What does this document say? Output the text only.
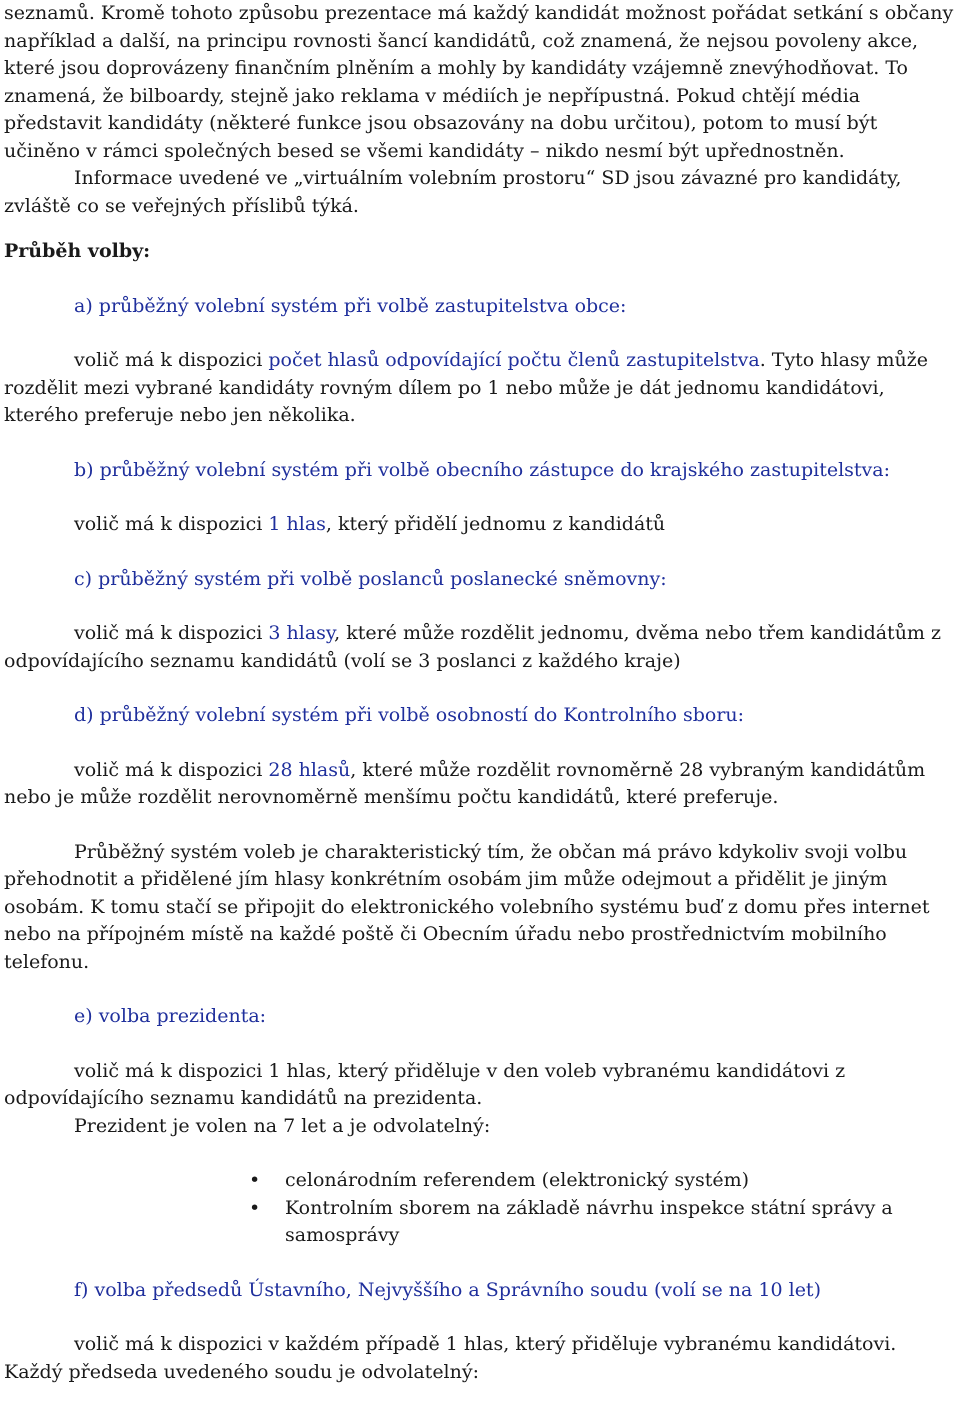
seznamů. Kromě tohoto způsobu prezentace má každý kandidát možnost pořádat setkání s občany například a další, na principu rovnosti šancí kandidátů, což znamená, že nejsou povoleny akce, které jsou doprovázeny finančním plněním a mohly by kandidáty vzájemně znevýhodňovat. To znamená, že bilboardy, stejně jako reklama v médiích je nepřípustná. Pokud chtějí média představit kandidáty (některé funkce jsou obsazovány na dobu určitou), potom to musí být učiněno v rámci společných besed se všemi kandidáty – nikdo nesmí být upřednostněn.

Informace uvedené ve „virtuálním volebním prostoru“ SD jsou závazné pro kandidáty, zvláště co se veřejných příslibů týká.

Průběh volby:

a) průběžný volební systém při volbě zastupitelstva obce:

volič má k dispozici počet hlasů odpovídající počtu členů zastupitelstva. Tyto hlasy může rozdělit mezi vybrané kandidáty rovným dílem po 1 nebo může je dát jednomu kandidátovi, kterého preferuje nebo jen několika.

b) průběžný volební systém při volbě obecního zástupce do krajského zastupitelstva:

volič má k dispozici 1 hlas, který přidělí jednomu z kandidátů

c) průběžný systém při volbě poslanců poslanecké sněmovny:

volič má k dispozici 3 hlasy, které může rozdělit jednomu, dvěma nebo třem kandidátům z odpovídajícího seznamu kandidátů (volí se 3 poslanci z každého kraje)

d) průběžný volební systém při volbě osobností do Kontrolního sboru:

volič má k dispozici 28 hlasů, které může rozdělit rovnoměrně 28 vybraným kandidátům nebo je může rozdělit nerovnoměrně menšímu počtu kandidátů, které preferuje.

Průběžný systém voleb je charakteristický tím, že občan má právo kdykoliv svoji volbu přehodnotit a přidělené jím hlasy konkrétním osobám jim může odejmout a přidělit je jiným osobám. K tomu stačí se připojit do elektronického volebního systému buď z domu přes internet nebo na přípojném místě na každé poště či Obecním úřadu nebo prostřednictvím mobilního telefonu.

e) volba prezidenta:

volič má k dispozici 1 hlas, který přiděluje v den voleb vybranému kandidátovi z odpovídajícího seznamu kandidátů na prezidenta.

Prezident je volen na 7 let a je odvolatelný:

• celonárodním referendem (elektronický systém)
• Kontrolním sborem na základě návrhu inspekce státní správy a samosprávy

f) volba předsedů Ústavního, Nejvyššího a Správního soudu (volí se na 10 let)

volič má k dispozici v každém případě 1 hlas, který přiděluje vybranému kandidátovi. Každý předseda uvedeného soudu je odvolatelný:
